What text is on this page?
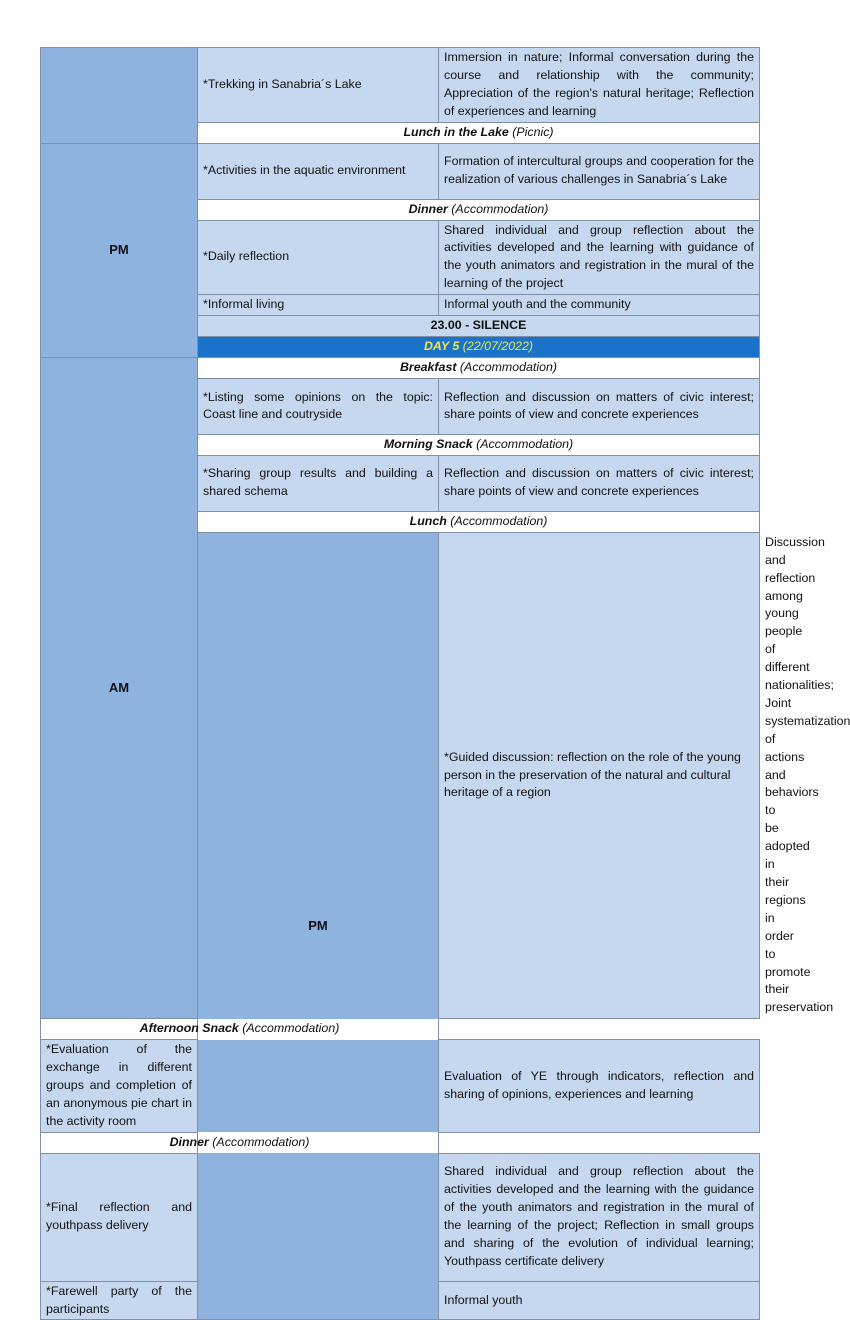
	*Trekking in Sanabria´s Lake	Immersion in nature; Informal conversation during the course and relationship with the community; Appreciation of the region's natural heritage; Reflection of experiences and learning	
	Lunch in the Lake (Picnic)		
PM	*Activities in the aquatic environment	Formation of intercultural groups and cooperation for the realization of various challenges in Sanabria´s Lake	
	Dinner (Accommodation)		
	*Daily reflection	Shared individual and group reflection about the activities developed and the learning with guidance of the youth animators and registration in the mural of the learning of the project	
	*Informal living	Informal youth and the community	
	23.00 - SILENCE		
	DAY 5 (22/07/2022)		
AM	Breakfast (Accommodation)		
	*Listing some opinions on the topic: Coast line and coutryside	Reflection and discussion on matters of civic interest; share points of view and concrete experiences	
	Morning Snack (Accommodation)		
	*Sharing group results and building a shared schema	Reflection and discussion on matters of civic interest; share points of view and concrete experiences	
	Lunch (Accommodation)		
	PM	*Guided discussion: reflection on the role of the young person in the preservation of the natural and cultural heritage of a region	Discussion and reflection among young people of different nationalities; Joint systematization of actions and behaviors to be adopted in their regions in order to promote their preservation
Afternoon Snack (Accommodation)			
*Evaluation of the exchange in different groups and completion of an anonymous pie chart in the activity room		Evaluation of YE through indicators, reflection and sharing of opinions, experiences and learning	
Dinner (Accommodation)			
*Final reflection and youthpass delivery		Shared individual and group reflection about the activities developed and the learning with the guidance of the youth animators and registration in the mural of the learning of the project; Reflection in small groups and sharing of the evolution of individual learning; Youthpass certificate delivery	
*Farewell party of the participants		Informal youth	
